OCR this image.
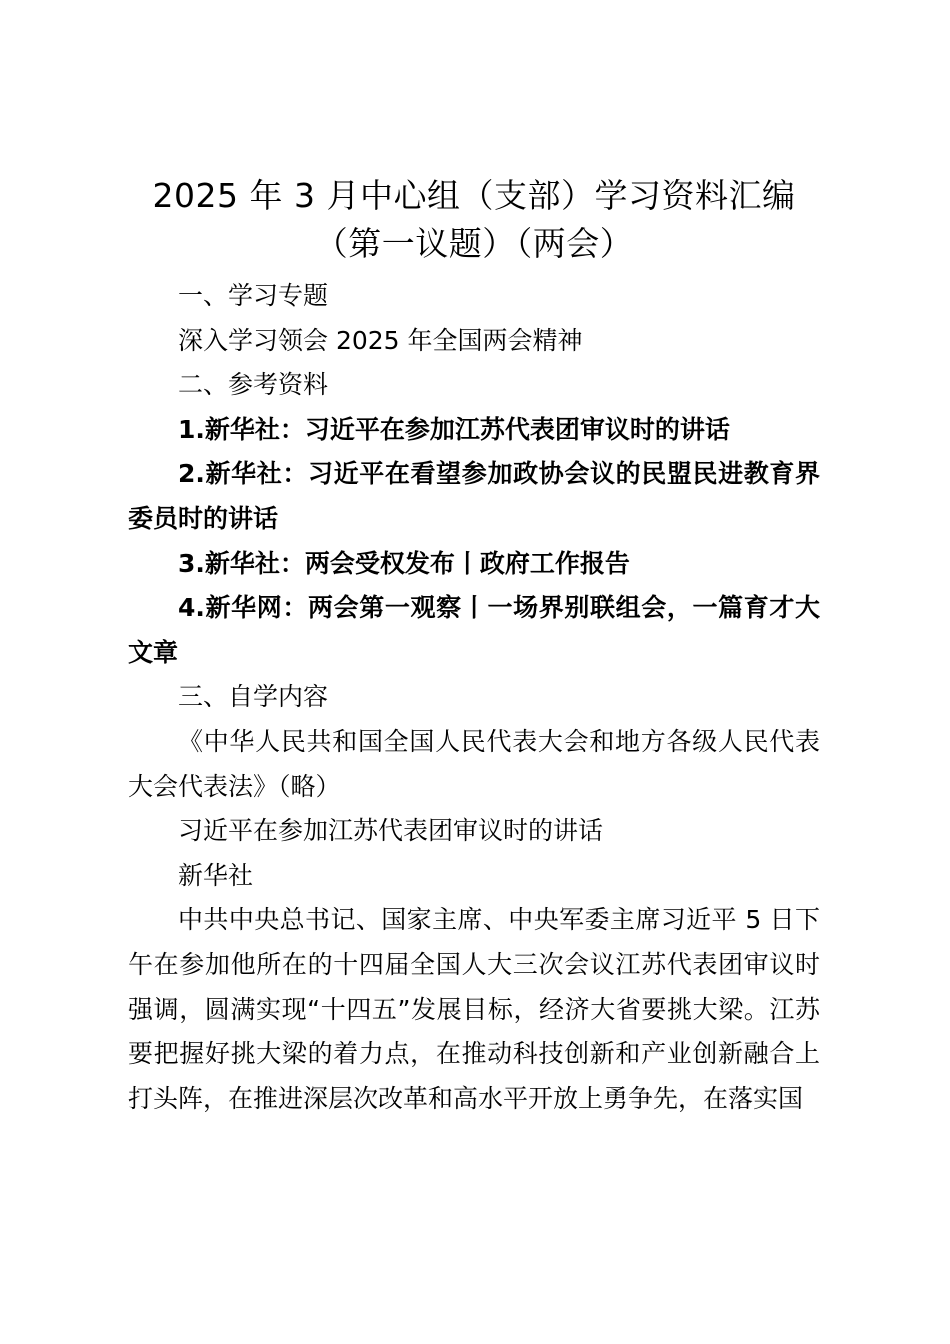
2025 年 3 月中心组（支部）学习资料汇编
（第一议题）（两会）

一、学习专题

深入学习领会 2025 年全国两会精神

二、参考资料

1.新华社：习近平在参加江苏代表团审议时的讲话

2.新华社：习近平在看望参加政协会议的民盟民进教育界委员时的讲话

3.新华社：两会受权发布丨政府工作报告

4.新华网：两会第一观察丨一场界别联组会，一篇育才大文章

三、自学内容

《中华人民共和国全国人民代表大会和地方各级人民代表大会代表法》（略）

习近平在参加江苏代表团审议时的讲话

新华社

中共中央总书记、国家主席、中央军委主席习近平 5 日下午在参加他所在的十四届全国人大三次会议江苏代表团审议时强调，圆满实现“十四五”发展目标，经济大省要挑大梁。江苏要把握好挑大梁的着力点，在推动科技创新和产业创新融合上打头阵，在推进深层次改革和高水平开放上勇争先，在落实国
